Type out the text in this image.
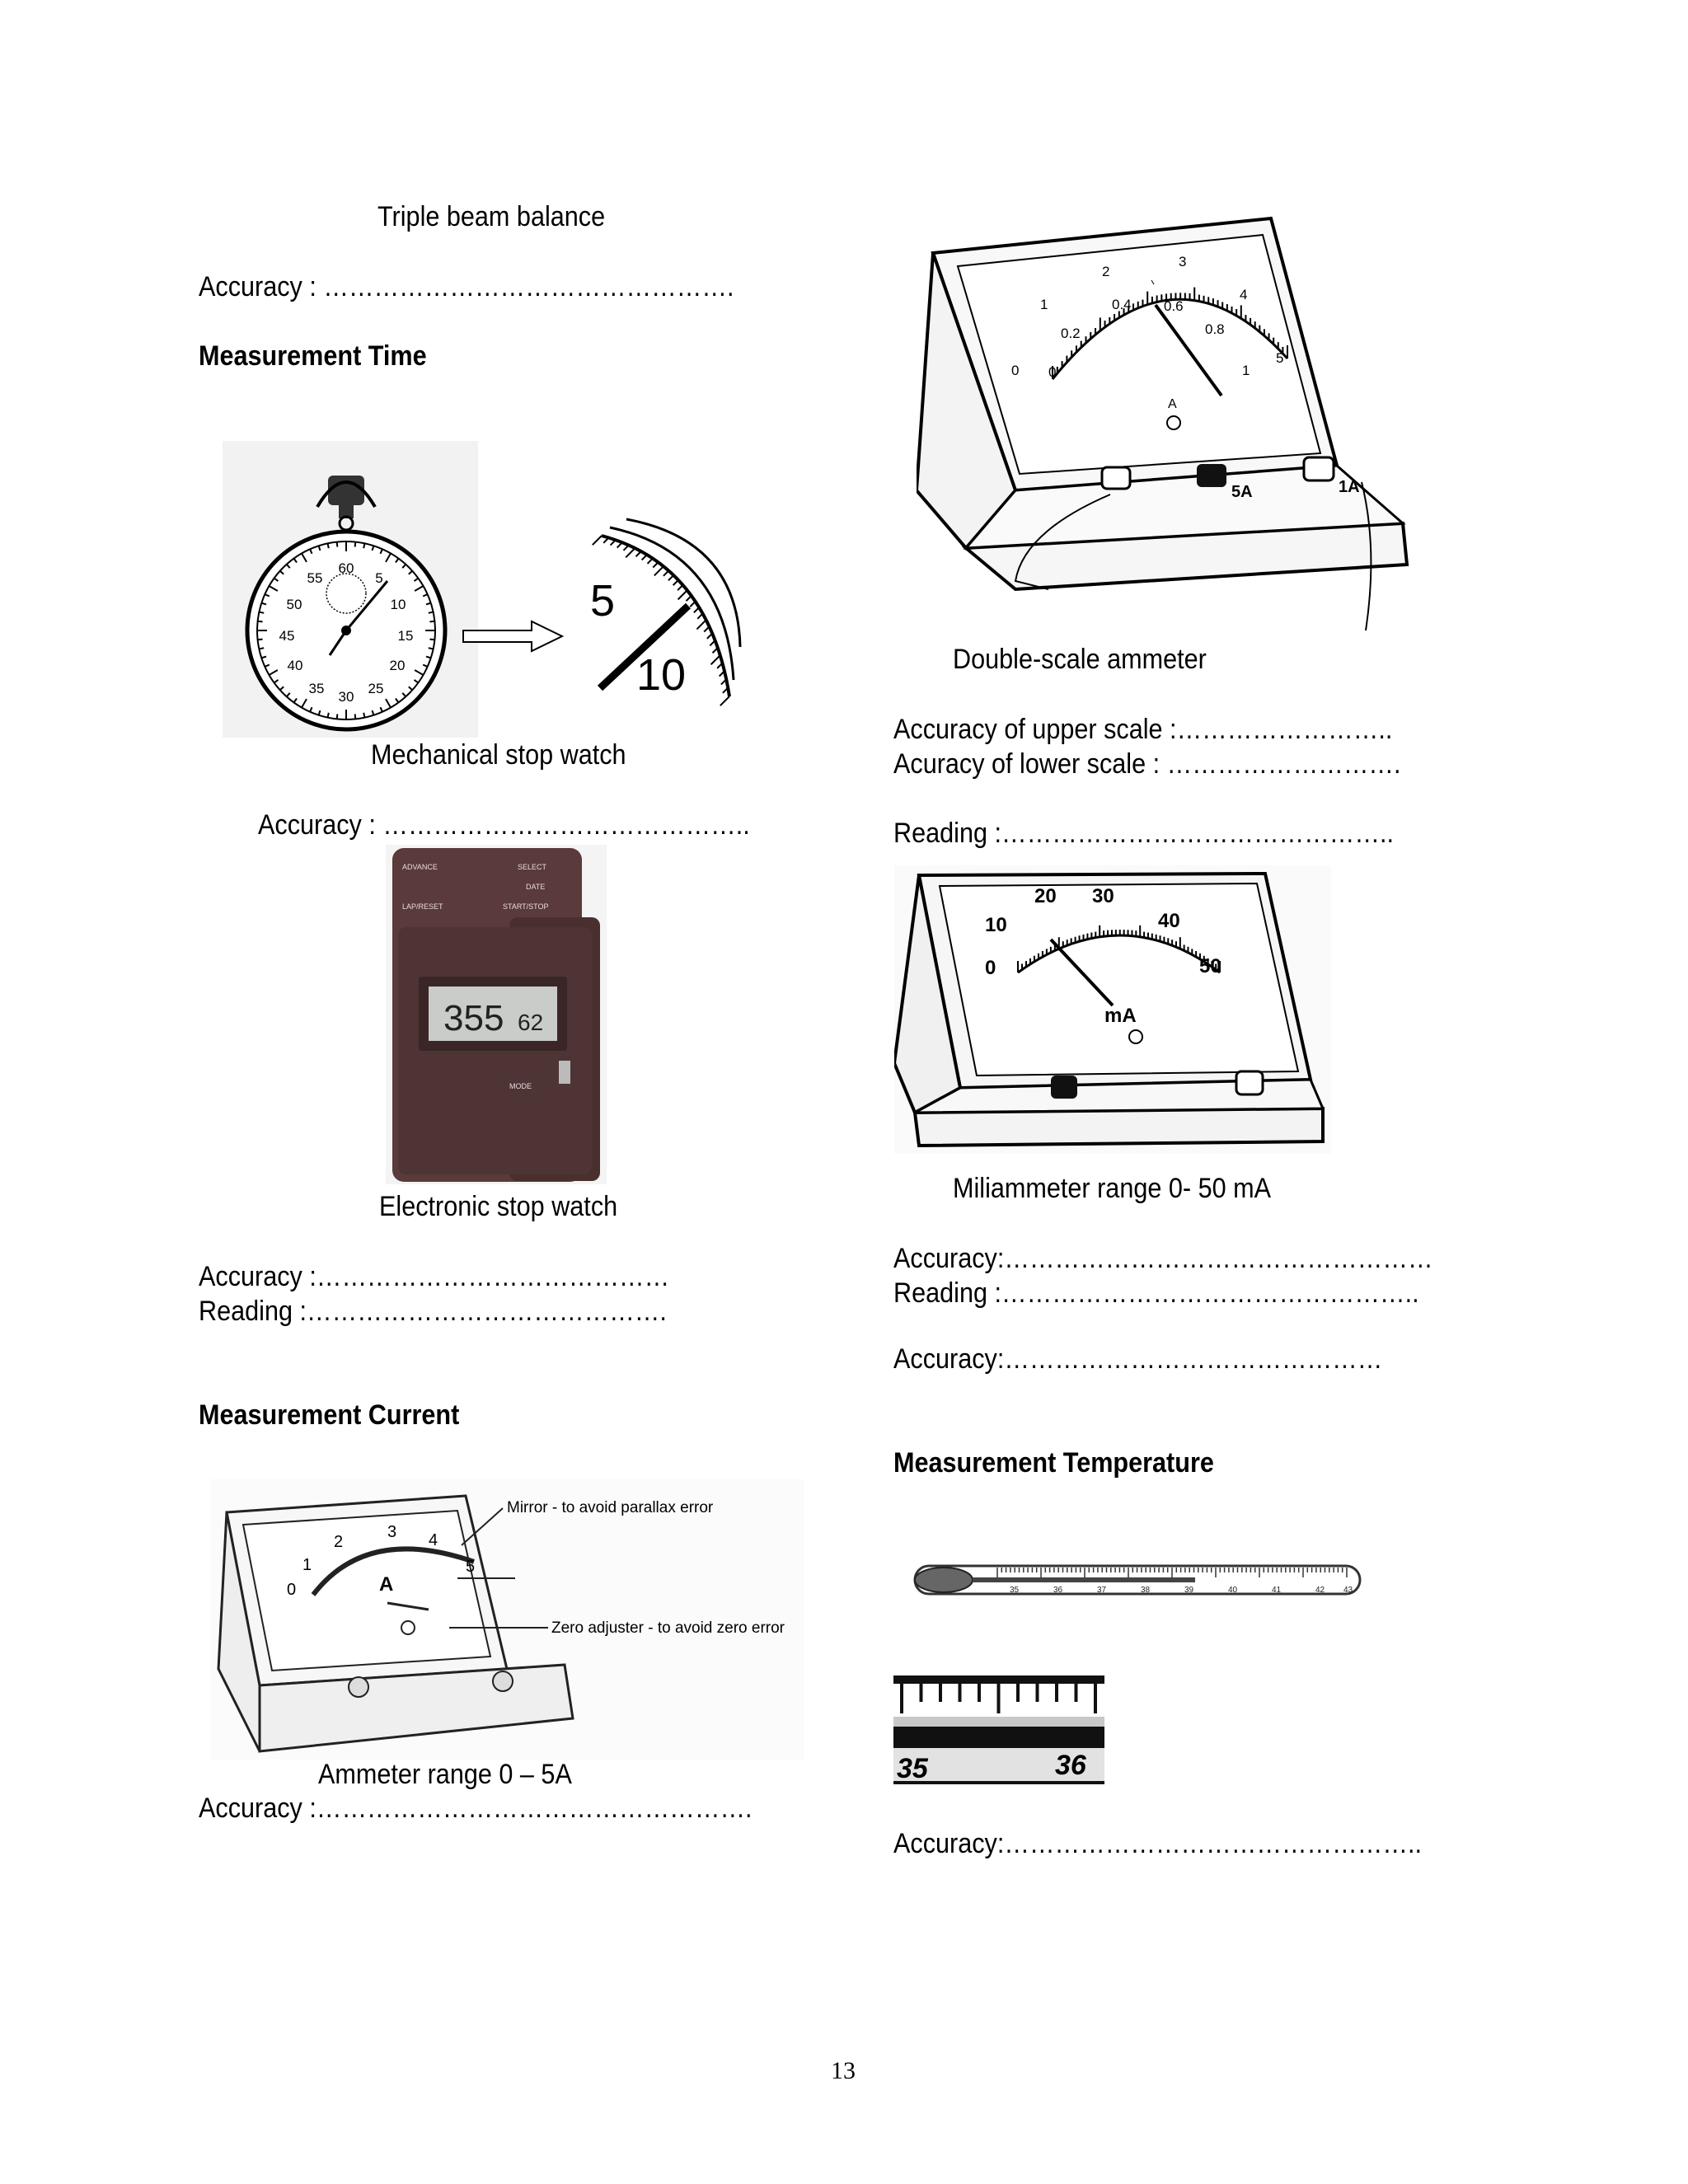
Triple beam balance
Accuracy : ………………………………………….
Measurement Time
60
5
10
15
20
25
30
35
40
45
50
55	5
10
Mechanical stop watch
Accuracy : ……………………………………..
ADVANCE	SELECT
DATE
LAP/RESET	START/STOP
MODE
355 62
Electronic stop watch
Accuracy :……………………………………
Reading :…………………………………….
Measurement Current
0
1
2
3 4
5
A
Mirror - to avoid parallax error
Zero adjuster - to avoid zero error
Ammeter range 0 – 5A
Accuracy :…………………………………………….
0
1
2
3
4
5
0
0.2
0.4 0.6
0.8
1
A
5A	1A
Double-scale ammeter
Accuracy of upper scale :……………………..
Acuracy of lower scale : ……………………….
Reading :………………………………………..
0
10
20 30
40
50
mA
Miliammeter range 0- 50 mA
Accuracy:……………………………………………
Reading :…………………………………………..
Accuracy:………………………………………
Measurement Temperature
35	36	37	38	39	40	41	42 43
35	36
Accuracy:…………………………………………..
13
